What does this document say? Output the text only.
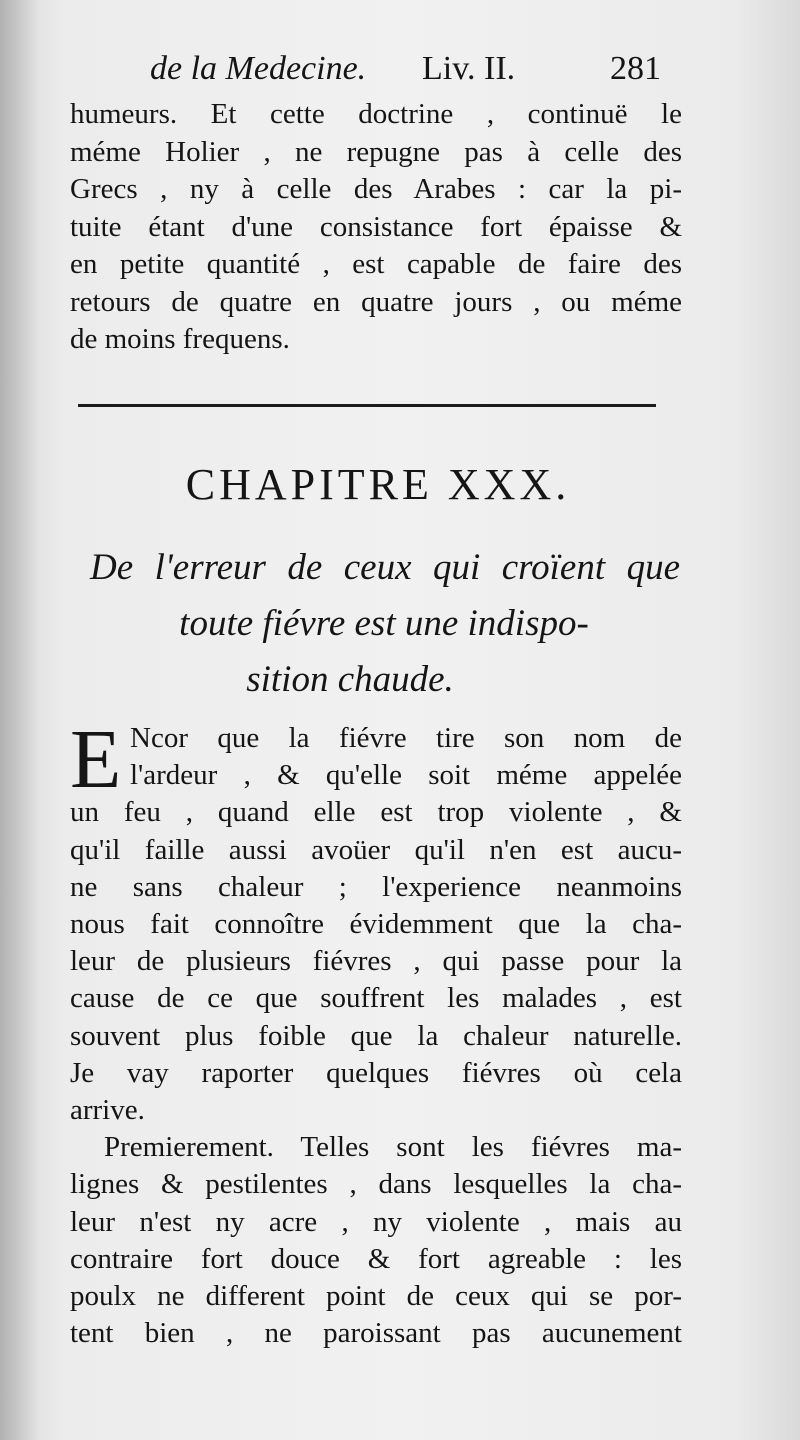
de la Medecine. Liv. II.	281
humeurs. Et cette doctrine , continuë le
méme Holier , ne repugne pas à celle des
Grecs , ny à celle des Arabes : car la pi-
tuite étant d'une consistance fort épaisse &
en petite quantité , est capable de faire des
retours de quatre en quatre jours , ou méme
de moins frequens.
CHAPITRE XXX.
De l'erreur de ceux qui croïent que
toute fiévre est une indispo-
sition chaude.
E Ncor que la fiévre tire son nom de
l'ardeur , & qu'elle soit méme appelée
un feu , quand elle est trop violente , &
qu'il faille aussi avoüer qu'il n'en est aucu-
ne sans chaleur ; l'experience neanmoins
nous fait connoître évidemment que la cha-
leur de plusieurs fiévres , qui passe pour la
cause de ce que souffrent les malades , est
souvent plus foible que la chaleur naturelle.
Je vay raporter quelques fiévres où cela
arrive.
Premierement. Telles sont les fiévres ma-
lignes & pestilentes , dans lesquelles la cha-
leur n'est ny acre , ny violente , mais au
contraire fort douce & fort agreable : les
poulx ne different point de ceux qui se por-
tent bien , ne paroissant pas aucunement
